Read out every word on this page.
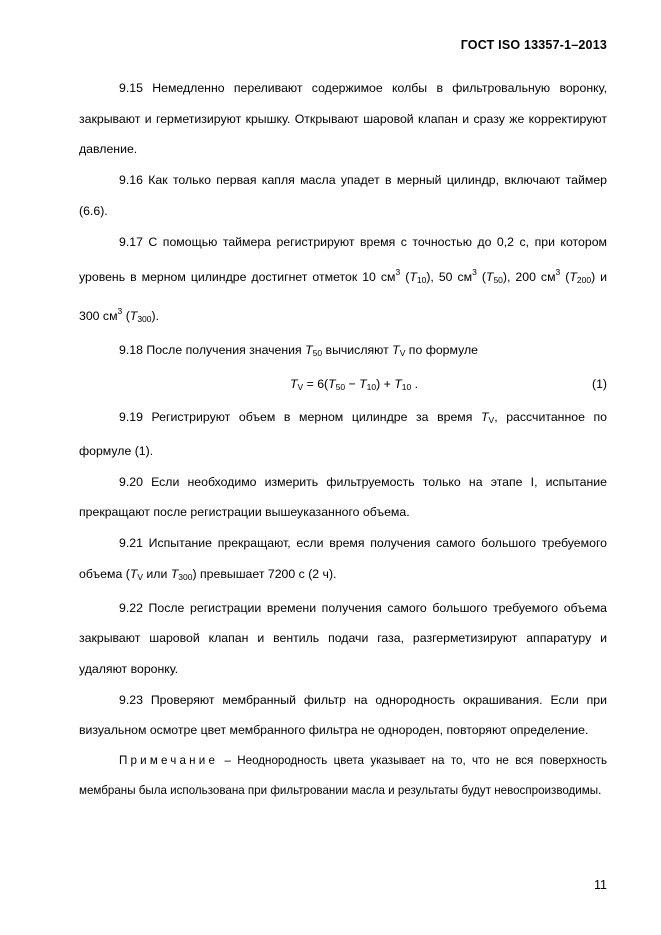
ГОСТ ISO 13357-1–2013

9.15 Немедленно переливают содержимое колбы в фильтровальную воронку, закрывают и герметизируют крышку. Открывают шаровой клапан и сразу же корректируют давление.

9.16 Как только первая капля масла упадет в мерный цилиндр, включают таймер (6.6).

9.17 С помощью таймера регистрируют время с точностью до 0,2 с, при котором уровень в мерном цилиндре достигнет отметок 10 $см^3$ $(T_{10})$, 50 $см^3$ $(T_{50})$, 200 $см^3$ $(T_{200})$ и 300 $см^3$ $(T_{300})$.

9.18 После получения значения $T_{50}$ вычисляют $T_V$ по формуле

$T_V = 6(T_{50} - T_{10}) + T_{10}$ .	(1)

9.19 Регистрируют объем в мерном цилиндре за время $T_V$, рассчитанное по формуле (1).

9.20 Если необходимо измерить фильтруемость только на этапе I, испытание прекращают после регистрации вышеуказанного объема.

9.21 Испытание прекращают, если время получения самого большого требуемого объема ($T_V$ или $T_{300}$) превышает 7200 с (2 ч).

9.22 После регистрации времени получения самого большого требуемого объема закрывают шаровой клапан и вентиль подачи газа, разгерметизируют аппаратуру и удаляют воронку.

9.23 Проверяют мембранный фильтр на однородность окрашивания. Если при визуальном осмотре цвет мембранного фильтра не однороден, повторяют определение.

Примечание – Неоднородность цвета указывает на то, что не вся поверхность мембраны была использована при фильтровании масла и результаты будут невоспроизводимы.

11
